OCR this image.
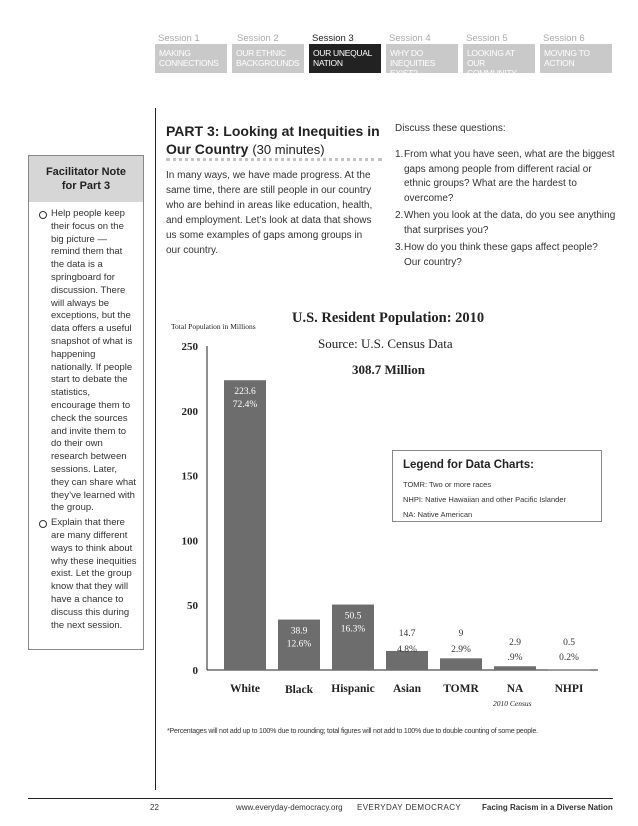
Session 1
MAKING CONNECTIONS
Session 2
OUR ETHNIC BACKGROUNDS
Session 3
OUR UNEQUAL NATION
Session 4
WHY DO INEQUITIES EXIST?
Session 5
LOOKING AT OUR COMMUNITY
Session 6
MOVING TO ACTION
PART 3: Looking at Inequities in Our Country (30 minutes)
In many ways, we have made progress. At the same time, there are still people in our country who are behind in areas like education, health, and employment. Let’s look at data that shows us some examples of gaps among groups in our country.
Discuss these questions:
1. From what you have seen, what are the biggest gaps among people from different racial or ethnic groups? What are the hardest to overcome?
2. When you look at the data, do you see anything that surprises you?
3. How do you think these gaps affect people? Our country?
Facilitator Note for Part 3
Help people keep their focus on the big picture — remind them that the data is a springboard for discussion. There will always be exceptions, but the data offers a useful snapshot of what is happening nationally. If people start to debate the statistics, encourage them to check the sources and invite them to do their own research between sessions. Later, they can share what they’ve learned with the group.
Explain that there are many different ways to think about why these inequities exist. Let the group know that they will have a chance to discuss this during the next session.
Total Population in Millions
U.S. Resident Population: 2010
Source: U.S. Census Data
308.7 Million
0
50
100
150
200
250
223.6
72.4%
White
38.9
12.6%
Black
50.5
16.3%
Hispanic
14.7
4.8%
Asian
9
2.9%
TOMR
2.9
.9%
NA
0.5
0.2%
NHPI
2010 Census
Legend for Data Charts:
TOMR: Two or more races
NHPI: Native Hawaiian and other Pacific Islander
NA: Native American
*Percentages will not add up to 100% due to rounding; total figures will not add to 100% due to double counting of some people.
22	www.everyday-democracy.org EVERYDAY DEMOCRACY	Facing Racism in a Diverse Nation
